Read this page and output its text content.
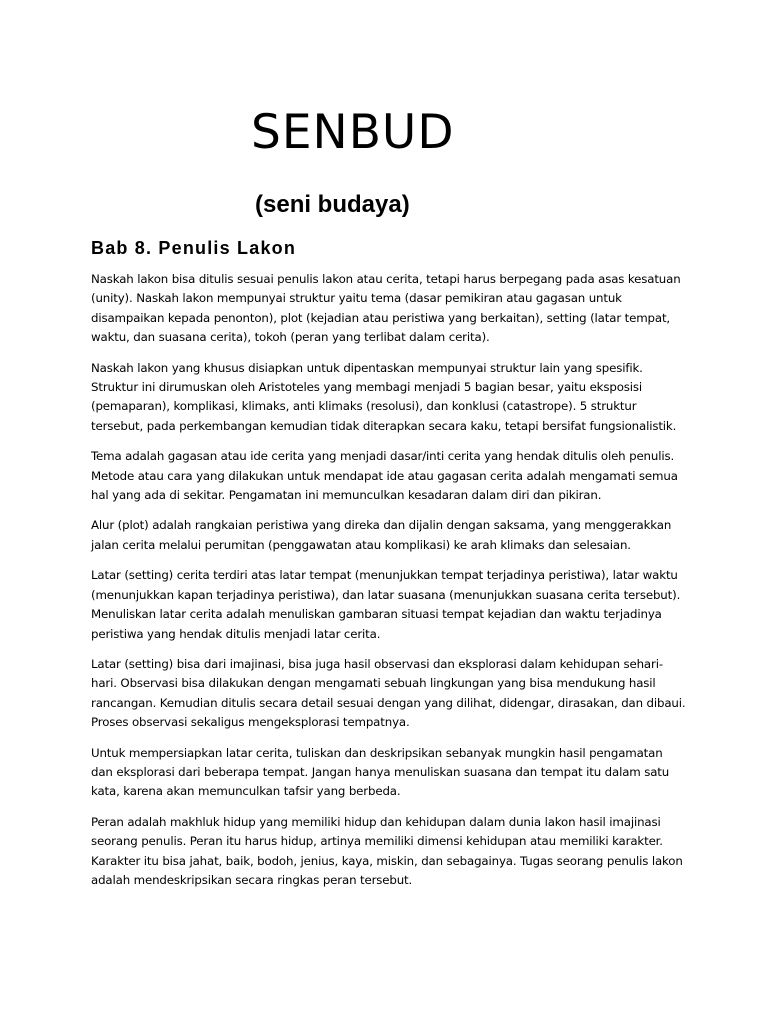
SENBUD
(seni budaya)
Bab 8. Penulis Lakon

Naskah lakon bisa ditulis sesuai penulis lakon atau cerita, tetapi harus berpegang pada asas kesatuan
(unity). Naskah lakon mempunyai struktur yaitu tema (dasar pemikiran atau gagasan untuk
disampaikan kepada penonton), plot (kejadian atau peristiwa yang berkaitan), setting (latar tempat,
waktu, dan suasana cerita), tokoh (peran yang terlibat dalam cerita).

Naskah lakon yang khusus disiapkan untuk dipentaskan mempunyai struktur lain yang spesifik.
Struktur ini dirumuskan oleh Aristoteles yang membagi menjadi 5 bagian besar, yaitu eksposisi
(pemaparan), komplikasi, klimaks, anti klimaks (resolusi), dan konklusi (catastrope). 5 struktur
tersebut, pada perkembangan kemudian tidak diterapkan secara kaku, tetapi bersifat fungsionalistik.

Tema adalah gagasan atau ide cerita yang menjadi dasar/inti cerita yang hendak ditulis oleh penulis.
Metode atau cara yang dilakukan untuk mendapat ide atau gagasan cerita adalah mengamati semua
hal yang ada di sekitar. Pengamatan ini memunculkan kesadaran dalam diri dan pikiran.

Alur (plot) adalah rangkaian peristiwa yang direka dan dijalin dengan saksama, yang menggerakkan
jalan cerita melalui perumitan (penggawatan atau komplikasi) ke arah klimaks dan selesaian.

Latar (setting) cerita terdiri atas latar tempat (menunjukkan tempat terjadinya peristiwa), latar waktu
(menunjukkan kapan terjadinya peristiwa), dan latar suasana (menunjukkan suasana cerita tersebut).
Menuliskan latar cerita adalah menuliskan gambaran situasi tempat kejadian dan waktu terjadinya
peristiwa yang hendak ditulis menjadi latar cerita.

Latar (setting) bisa dari imajinasi, bisa juga hasil observasi dan eksplorasi dalam kehidupan sehari-
hari. Observasi bisa dilakukan dengan mengamati sebuah lingkungan yang bisa mendukung hasil
rancangan. Kemudian ditulis secara detail sesuai dengan yang dilihat, didengar, dirasakan, dan dibaui.
Proses observasi sekaligus mengeksplorasi tempatnya.

Untuk mempersiapkan latar cerita, tuliskan dan deskripsikan sebanyak mungkin hasil pengamatan
dan eksplorasi dari beberapa tempat. Jangan hanya menuliskan suasana dan tempat itu dalam satu
kata, karena akan memunculkan tafsir yang berbeda.

Peran adalah makhluk hidup yang memiliki hidup dan kehidupan dalam dunia lakon hasil imajinasi
seorang penulis. Peran itu harus hidup, artinya memiliki dimensi kehidupan atau memiliki karakter.
Karakter itu bisa jahat, baik, bodoh, jenius, kaya, miskin, dan sebagainya. Tugas seorang penulis lakon
adalah mendeskripsikan secara ringkas peran tersebut.
